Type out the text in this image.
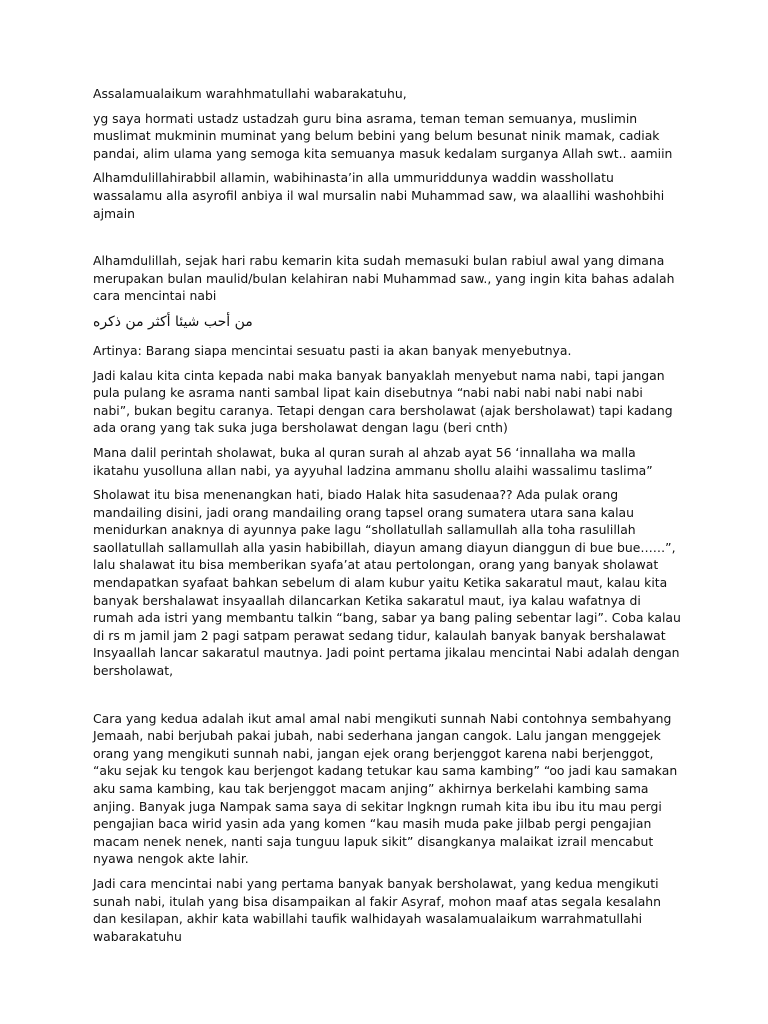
Assalamualaikum warahhmatullahi wabarakatuhu,

yg saya hormati ustadz ustadzah guru bina asrama, teman teman semuanya, muslimin muslimat mukminin muminat yang belum bebini yang belum besunat ninik mamak, cadiak pandai, alim ulama yang semoga kita semuanya masuk kedalam surganya Allah swt.. aamiin

Alhamdulillahirabbil allamin, wabihinasta’in alla ummuriddunya waddin wasshollatu wassalamu alla asyrofil anbiya il wal mursalin nabi Muhammad saw, wa alaallihi washohbihi ajmain

Alhamdulillah, sejak hari rabu kemarin kita sudah memasuki bulan rabiul awal yang dimana merupakan bulan maulid/bulan kelahiran nabi Muhammad saw., yang ingin kita bahas adalah cara mencintai nabi

من أحب شيئا أكثر من ذكره

Artinya: Barang siapa mencintai sesuatu pasti ia akan banyak menyebutnya.

Jadi kalau kita cinta kepada nabi maka banyak banyaklah menyebut nama nabi, tapi jangan pula pulang ke asrama nanti sambal lipat kain disebutnya “nabi nabi nabi nabi nabi nabi nabi”, bukan begitu caranya. Tetapi dengan cara bersholawat (ajak bersholawat) tapi kadang ada orang yang tak suka juga bersholawat dengan lagu (beri cnth)

Mana dalil perintah sholawat, buka al quran surah al ahzab ayat 56 ‘innallaha wa malla ikatahu yusolluna allan nabi, ya ayyuhal ladzina ammanu shollu alaihi wassalimu taslima”

Sholawat itu bisa menenangkan hati, biado Halak hita sasudenaa?? Ada pulak orang mandailing disini, jadi orang mandailing orang tapsel orang sumatera utara sana kalau menidurkan anaknya di ayunnya pake lagu “shollatullah sallamullah alla toha rasulillah saollatullah sallamullah alla yasin habibillah, diayun amang diayun dianggun di bue bue……”, lalu shalawat itu bisa memberikan syafa’at atau pertolongan, orang yang banyak sholawat mendapatkan syafaat bahkan sebelum di alam kubur yaitu Ketika sakaratul maut, kalau kita banyak bershalawat insyaallah dilancarkan Ketika sakaratul maut, iya kalau wafatnya di rumah ada istri yang membantu talkin “bang, sabar ya bang paling sebentar lagi”. Coba kalau di rs m jamil jam 2 pagi satpam perawat sedang tidur, kalaulah banyak banyak bershalawat Insyaallah lancar sakaratul mautnya. Jadi point pertama jikalau mencintai Nabi adalah dengan bersholawat,

Cara yang kedua adalah ikut amal amal nabi mengikuti sunnah Nabi contohnya sembahyang Jemaah, nabi berjubah pakai jubah, nabi sederhana jangan cangok. Lalu jangan menggejek orang yang mengikuti sunnah nabi, jangan ejek orang berjenggot karena nabi berjenggot, “aku sejak ku tengok kau berjengot kadang tetukar kau sama kambing” “oo jadi kau samakan aku sama kambing, kau tak berjenggot macam anjing” akhirnya berkelahi kambing sama anjing. Banyak juga Nampak sama saya di sekitar lngkngn rumah kita ibu ibu itu mau pergi pengajian baca wirid yasin ada yang komen “kau masih muda pake jilbab pergi pengajian macam nenek nenek, nanti saja tunguu lapuk sikit” disangkanya malaikat izrail mencabut nyawa nengok akte lahir.

Jadi cara mencintai nabi yang pertama banyak banyak bersholawat, yang kedua mengikuti sunah nabi, itulah yang bisa disampaikan al fakir Asyraf, mohon maaf atas segala kesalahn dan kesilapan, akhir kata wabillahi taufik walhidayah wasalamualaikum warrahmatullahi wabarakatuhu
